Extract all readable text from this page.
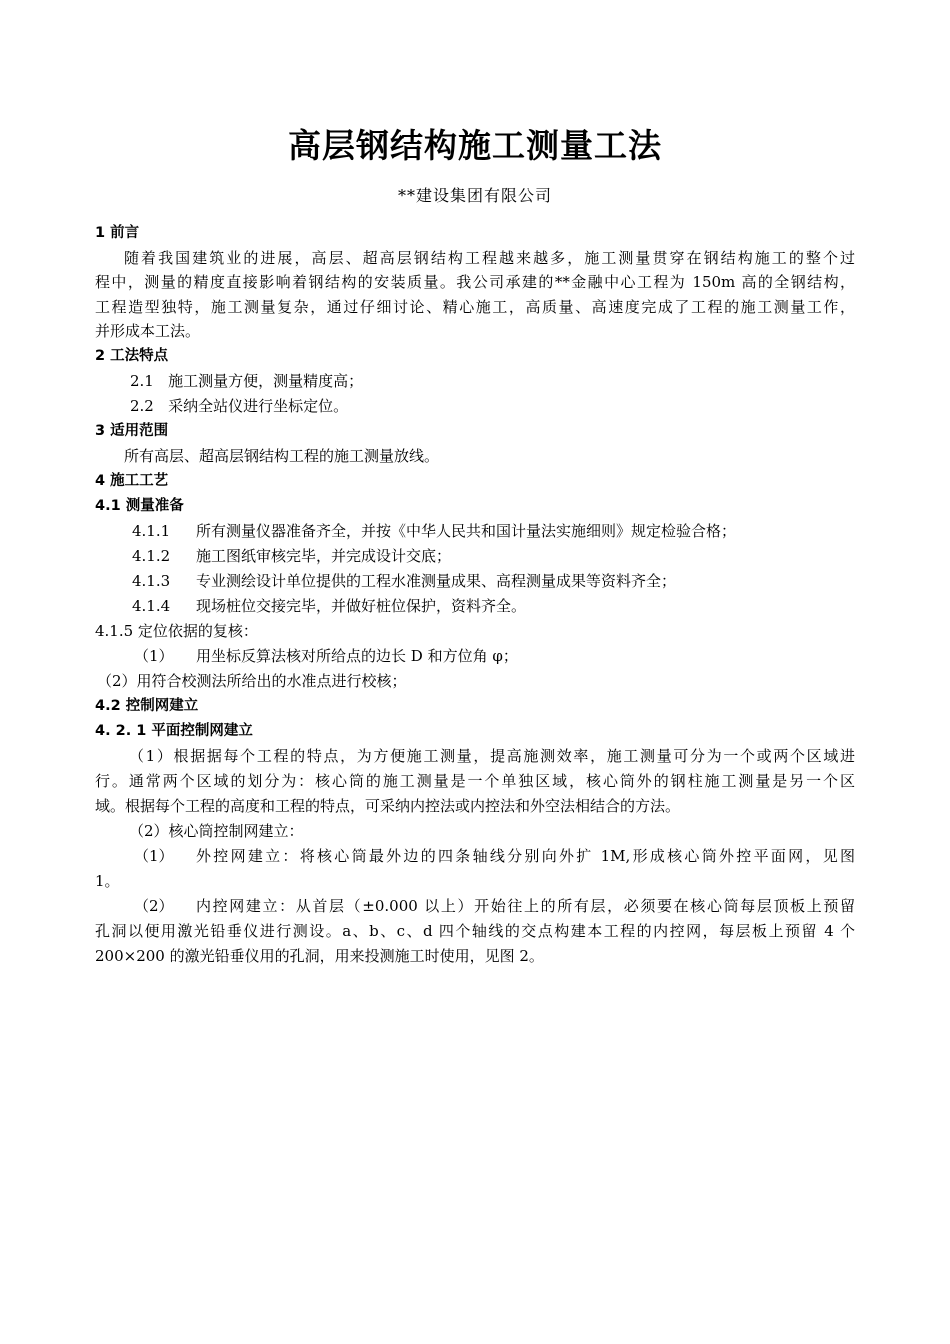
高层钢结构施工测量工法
**建设集团有限公司
1 前言
随着我国建筑业的进展，高层、超高层钢结构工程越来越多，施工测量贯穿在钢结构施工的整个过
程中，测量的精度直接影响着钢结构的安装质量。我公司承建的**金融中心工程为 150m 高的全钢结构，
工程造型独特，施工测量复杂，通过仔细讨论、精心施工，高质量、高速度完成了工程的施工测量工作，
并形成本工法。
2 工法特点
2.1   施工测量方便，测量精度高；
2.2   采纳全站仪进行坐标定位。
3 适用范围
所有高层、超高层钢结构工程的施工测量放线。
4 施工工艺
4.1 测量准备
4.1.1 所有测量仪器准备齐全，并按《中华人民共和国计量法实施细则》规定检验合格；
4.1.2 施工图纸审核完毕，并完成设计交底；
4.1.3 专业测绘设计单位提供的工程水准测量成果、高程测量成果等资料齐全；
4.1.4 现场桩位交接完毕，并做好桩位保护，资料齐全。
4.1.5 定位依据的复核：
（1） 用坐标反算法核对所给点的边长 D 和方位角 φ；
（2）用符合校测法所给出的水准点进行校核；
4.2 控制网建立
4. 2. 1 平面控制网建立
（1）根据据每个工程的特点，为方便施工测量，提高施测效率，施工测量可分为一个或两个区域进
行。通常两个区域的划分为：核心筒的施工测量是一个单独区域，核心筒外的钢柱施工测量是另一个区
域。根据每个工程的高度和工程的特点，可采纳内控法或内控法和外空法相结合的方法。
（2）核心筒控制网建立：
（1） 外控网建立：将核心筒最外边的四条轴线分别向外扩 1M,形成核心筒外控平面网，见图
1。
（2） 内控网建立：从首层（±0.000 以上）开始往上的所有层，必须要在核心筒每层顶板上预留
孔洞以便用激光铅垂仪进行测设。a、b、c、d 四个轴线的交点构建本工程的内控网，每层板上预留 4 个
200×200 的激光铅垂仪用的孔洞，用来投测施工时使用，见图 2。
